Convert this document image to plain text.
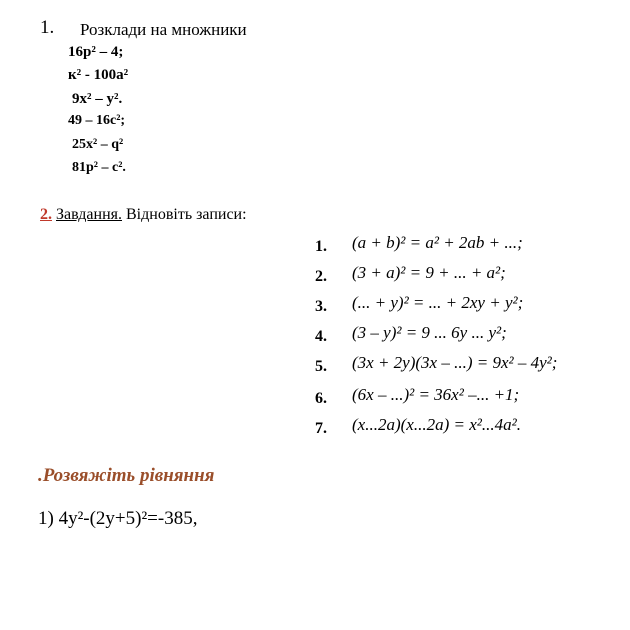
1. Розклади на множники
16p² – 4;
к² - 100a²
9x² – y².
49 – 16c²;
25x² – q²
81p² – c².
2. Завдання. Відновіть записи:
1. (a + b)² = a² + 2ab + ...;
2. (3 + a)² = 9 + ... + a²;
3. (... + y)² = ... + 2xy + y²;
4. (3 – y)² = 9 ... 6y ... y²;
5. (3x + 2y)(3x – ...) = 9x² – 4y²;
6. (6x – ...)² = 36x² –... +1;
7. (x...2a)(x...2a) = x²...4a².
.Розвяжіть рівняння
1) 4y²-(2y+5)²=-385,
